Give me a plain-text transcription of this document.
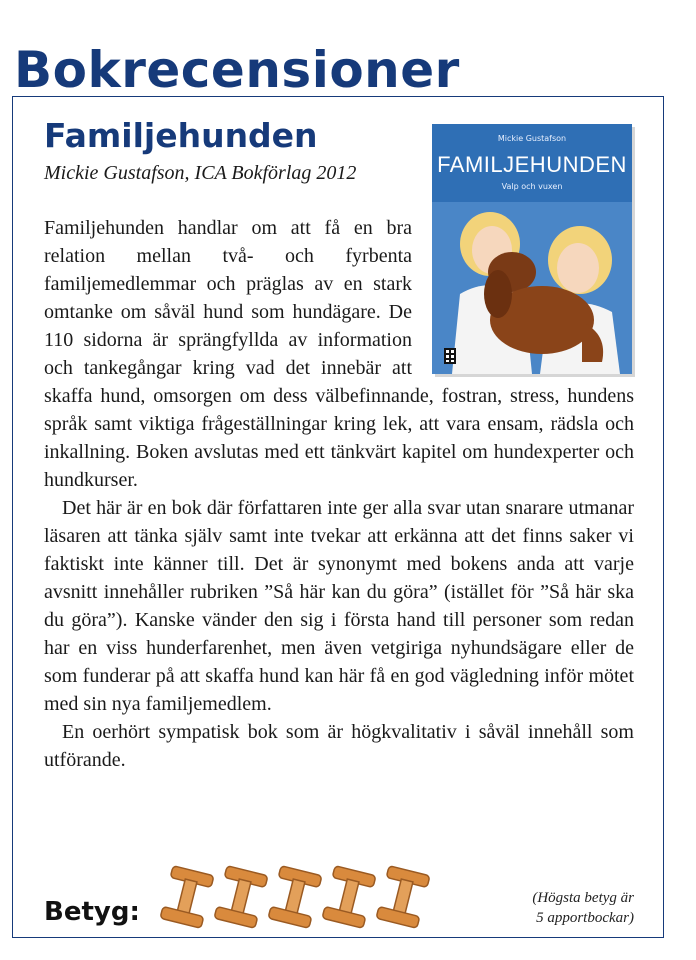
Bokrecensioner
Familjehunden

Mickie Gustafson, ICA Bokförlag 2012

Mickie Gustafson
FAMILJEHUNDEN
Valp och vuxen

Familjehunden handlar om att få en bra relation mellan två- och fyrbenta familjemedlemmar och präglas av en stark omtanke om såväl hund som hundägare. De 110 sidorna är sprängfyllda av information och tankegångar kring vad det innebär att skaffa hund, omsorgen om dess välbefinnande, fostran, stress, hundens språk samt viktiga frågeställningar kring lek, att vara ensam, rädsla och inkallning. Boken avslutas med ett tänkvärt kapitel om hundexperter och hundkurser.

Det här är en bok där författaren inte ger alla svar utan snarare utmanar läsaren att tänka själv samt inte tvekar att erkänna att det finns saker vi faktiskt inte känner till. Det är synonymt med bokens anda att varje avsnitt innehåller rubriken ”Så här kan du göra” (istället för ”Så här ska du göra”). Kanske vänder den sig i första hand till personer som redan har en viss hunderfarenhet, men även vetgiriga nyhundsägare eller de som funderar på att skaffa hund kan här få en god vägledning inför mötet med sin nya familjemedlem.

En oerhört sympatisk bok som är högkvalitativ i såväl innehåll som utförande.

Betyg:	(Högsta betyg är
5 apportbockar)
